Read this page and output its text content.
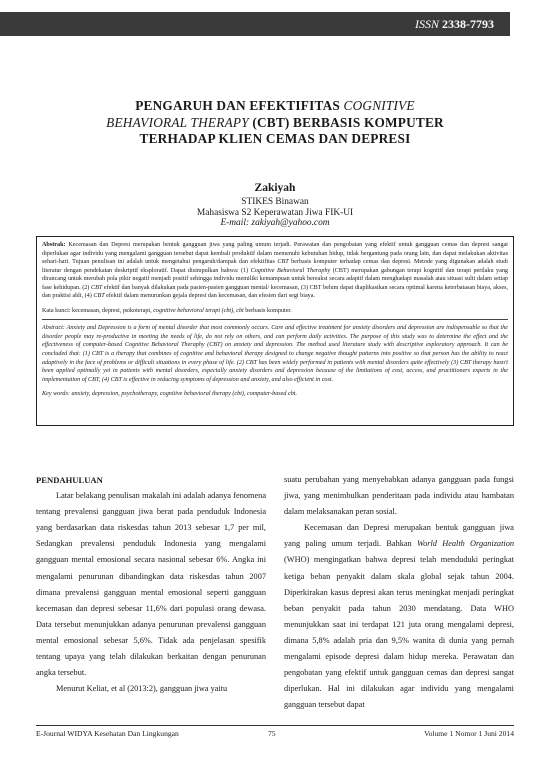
ISSN 2338-7793
PENGARUH DAN EFEKTIFITAS COGNITIVE
BEHAVIORAL THERAPY (CBT) BERBASIS KOMPUTER
TERHADAP KLIEN CEMAS DAN DEPRESI
Zakiyah
STIKES Binawan
Mahasiswa S2 Keperawatan Jiwa FIK-UI
E-mail: zakiyah@yahoo.com

Abstrak: Kecemasan dan Depresi merupakan bentuk gangguan jiwa yang paling umum terjadi. Perawatan dan pengobatan yang efektif untuk gangguan cemas dan depresi sangat diperlukan agar individu yang mengalami gangguan tersebut dapat kembali produktif dalam memenuhi kebutuhan hidup, tidak bergantung pada orang lain, dan dapat melakukan aktivitas sehari-hari. Tujuan penulisan ini adalah untuk mengetahui pengaruh/dampak dan efektifitas CBT berbasis komputer terhadap cemas dan depresi. Metode yang digunakan adalah studi literatur dengan pendekatan deskriptif eksploratif. Dapat disimpulkan bahwa: (1) Cognitive Behavioral Theraphy (CBT) merupakan gabungan terapi kognitif dan terapi perilaku yang dirancang untuk merubah pola pikir negatif menjadi positif sehingga individu memiliki kemampuan untuk bereaksi secara adaptif dalam menghadapi masalah atau situasi sulit dalam setiap fase kehidupan. (2) CBT efektif dan banyak dilakukan pada pasien-pasien gangguan mental/ kecemasan, (3) CBT belum dapat diaplikasikan secara optimal karena keterbatasan biaya, akses, dan praktisi ahli, (4) CBT efektif dalam menurunkan gejala depresi dan kecemasan, dan efesien dari segi biaya.

Kata kunci: kecemasan, depresi, psikoterapi, cognitive behavioral terapi (cbt), cbt berbasis komputer.

Abstract: Anxiety and Depression is a form of mental disorder that most commonly occurs. Care and effective treatment for anxiety disorders and depression are indispensable so that the disorder people may re-productive in meeting the needs of life, do not rely on others, and can perform daily activities. The purpose of this study was to determine the effect and the effectiveness of computer-based Cognitive Behavioral Theraphy (CBT) on anxiety and depression. The method used literature study with descriptive exploratory approach. It can be concluded that: (1) CBT is a therapy that combines of cognitive and behavioral therapy designed to change negative thought patterns into positive so that person has the ability to react adaptively in the face of problems or difficult situations in every phase of life. (2) CBT has been widely performed in patients with mental disorders quite effectively (3) CBT therapy hasn't been applied optimally yet in patients with mental disorders, especially anxiety disorders and depression because of the limitations of cost, access, and practitioners experts in the implementation of CBT, (4) CBT is effective in reducing symptoms of depression and anxiety, and also efficient in cost.

Key words: anxiety, depression, psychotherapy, cognitive behavioral therapy (cbt), computer-based cbt.

PENDAHULUAN

Latar belakang penulisan makalah ini adalah adanya fenomena tentang prevalensi gangguan jiwa berat pada penduduk Indonesia yang berdasarkan data riskesdas tahun 2013 sebesar 1,7 per mil, Sedangkan prevalensi penduduk Indonesia yang mengalami gangguan mental emosional secara nasional sebesar 6%. Angka ini mengalami penurunan dibandingkan data riskesdas tahun 2007 dimana prevalensi gangguan mental emosional seperti gangguan kecemasan dan depresi sebesar 11,6% dari populasi orang dewasa. Data tersebut menunjukkan adanya penurunan prevalensi gangguan mental emosional sebesar 5,6%. Tidak ada penjelasan spesifik tentang upaya yang telah dilakukan berkaitan dengan penurunan angka tersebut.

Menurut Keliat, et al (2013:2), gangguan jiwa yaitu

suatu perubahan yang menyebabkan adanya gangguan pada fungsi jiwa, yang menimbulkan penderitaan pada individu atau hambatan dalam melaksanakan peran sosial.

Kecemasan dan Depresi merupakan bentuk gangguan jiwa yang paling umum terjadi. Bahkan World Health Organization (WHO) mengingatkan bahwa depresi telah menduduki peringkat ketiga beban penyakit dalam skala global sejak tahun 2004. Diperkirakan kasus depresi akan terus meningkat menjadi peringkat beban penyakit pada tahun 2030 mendatang. Data WHO menunjukkan saat ini terdapat 121 juta orang mengalami depresi, dimana 5,8% adalah pria dan 9,5% wanita di dunia yang pernah mengalami episode depresi dalam hidup mereka. Perawatan dan pengobatan yang efektif untuk gangguan cemas dan depresi sangat diperlukan. Hal ini dilakukan agar individu yang mengalami gangguan tersebut dapat

E-Journal WIDYA Kesehatan Dan Lingkungan	75	Volume 1 Nomor 1 Juni 2014
